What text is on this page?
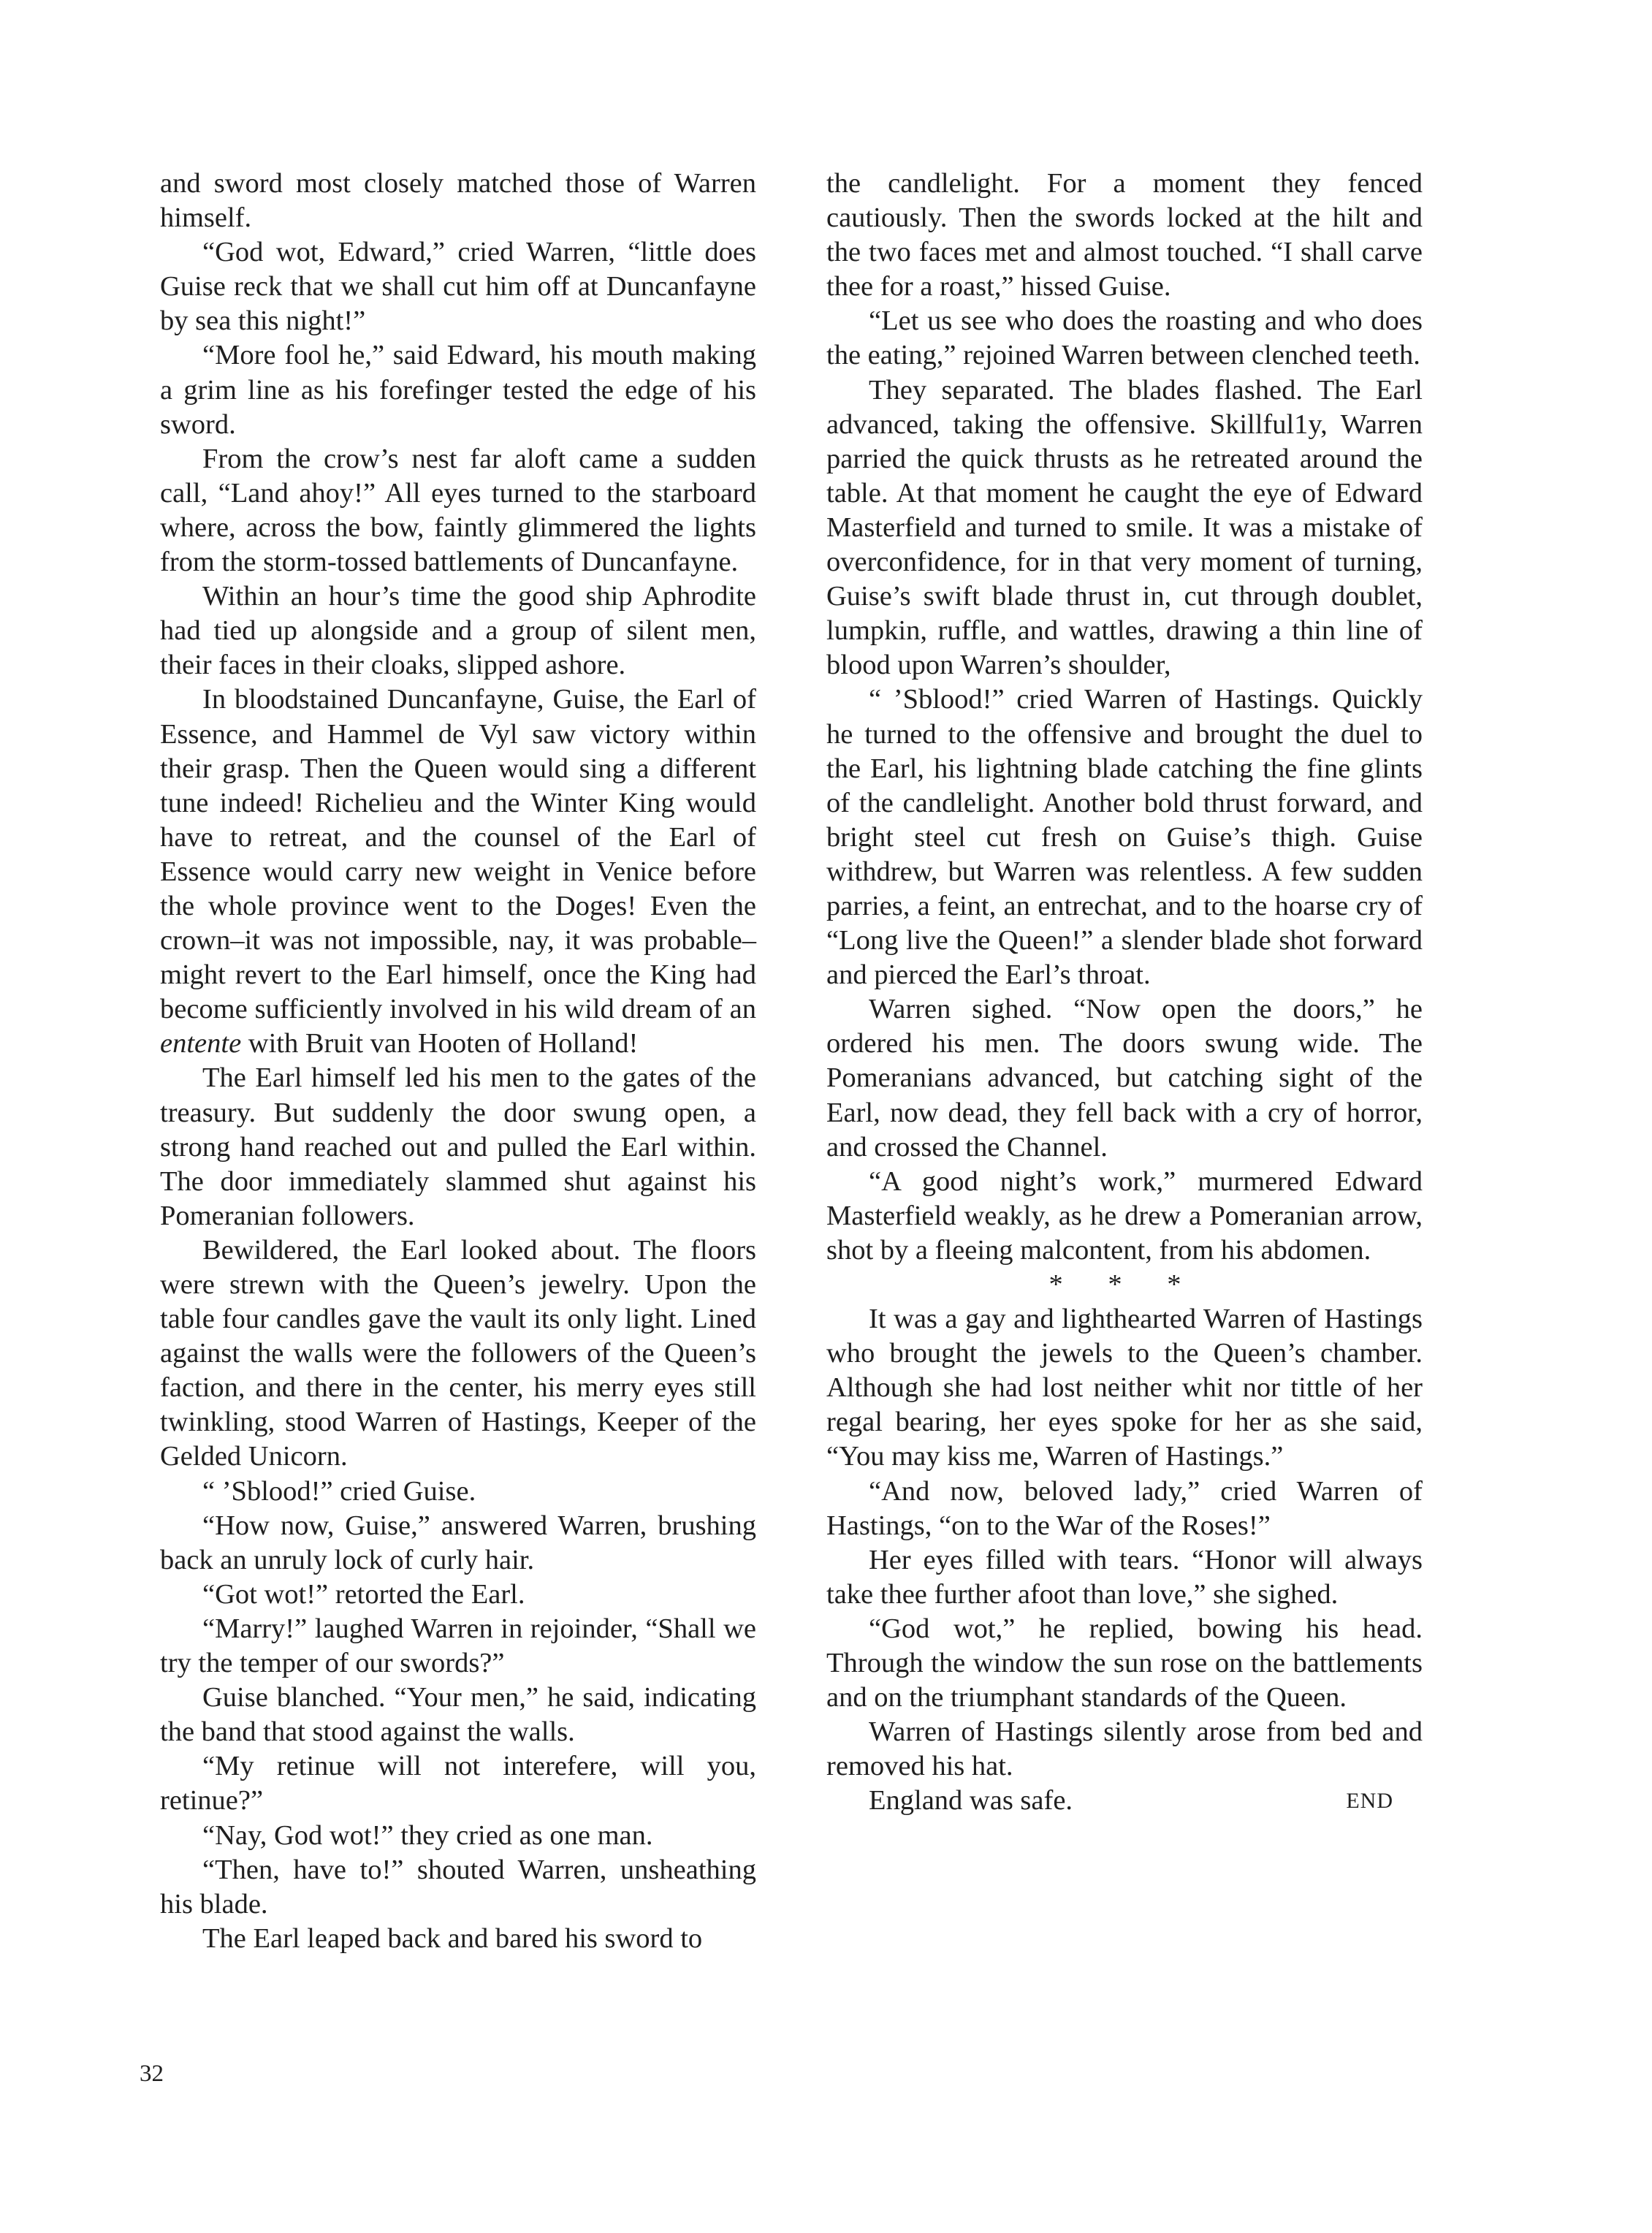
and sword most closely matched those of Warren himself.

“God wot, Edward,” cried Warren, “little does Guise reck that we shall cut him off at Duncanfayne by sea this night!”

“More fool he,” said Edward, his mouth making a grim line as his forefinger tested the edge of his sword.

From the crow’s nest far aloft came a sudden call, “Land ahoy!” All eyes turned to the starboard where, across the bow, faintly glimmered the lights from the storm-tossed battlements of Duncanfayne.

Within an hour’s time the good ship Aphrodite had tied up alongside and a group of silent men, their faces in their cloaks, slipped ashore.

In bloodstained Duncanfayne, Guise, the Earl of Essence, and Hammel de Vyl saw victory within their grasp. Then the Queen would sing a different tune indeed! Richelieu and the Winter King would have to retreat, and the counsel of the Earl of Essence would carry new weight in Venice before the whole province went to the Doges! Even the crown–it was not impossible, nay, it was probable–might revert to the Earl himself, once the King had become sufficiently involved in his wild dream of an entente with Bruit van Hooten of Holland!

The Earl himself led his men to the gates of the treasury. But suddenly the door swung open, a strong hand reached out and pulled the Earl within. The door immediately slammed shut against his Pomeranian followers.

Bewildered, the Earl looked about. The floors were strewn with the Queen’s jewelry. Upon the table four candles gave the vault its only light. Lined against the walls were the followers of the Queen’s faction, and there in the center, his merry eyes still twinkling, stood Warren of Hastings, Keeper of the Gelded Unicorn.

“ ’Sblood!” cried Guise.

“How now, Guise,” answered Warren, brushing back an unruly lock of curly hair.

“Got wot!” retorted the Earl.

“Marry!” laughed Warren in rejoinder, “Shall we try the temper of our swords?”

Guise blanched. “Your men,” he said, indicating the band that stood against the walls.

“My retinue will not interefere, will you, retinue?”

“Nay, God wot!” they cried as one man.

“Then, have to!” shouted Warren, unsheathing his blade.

The Earl leaped back and bared his sword to

the candlelight. For a moment they fenced cautiously. Then the swords locked at the hilt and the two faces met and almost touched. “I shall carve thee for a roast,” hissed Guise.

“Let us see who does the roasting and who does the eating,” rejoined Warren between clenched teeth.

They separated. The blades flashed. The Earl advanced, taking the offensive. Skillful1y, Warren parried the quick thrusts as he retreated around the table. At that moment he caught the eye of Edward Masterfield and turned to smile. It was a mistake of overconfidence, for in that very moment of turning, Guise’s swift blade thrust in, cut through doublet, lumpkin, ruffle, and wattles, drawing a thin line of blood upon Warren’s shoulder,

“ ’Sblood!” cried Warren of Hastings. Quickly he turned to the offensive and brought the duel to the Earl, his lightning blade catching the fine glints of the candlelight. Another bold thrust forward, and bright steel cut fresh on Guise’s thigh. Guise withdrew, but Warren was relentless. A few sudden parries, a feint, an entrechat, and to the hoarse cry of “Long live the Queen!” a slender blade shot forward and pierced the Earl’s throat.

Warren sighed. “Now open the doors,” he ordered his men. The doors swung wide. The Pomeranians advanced, but catching sight of the Earl, now dead, they fell back with a cry of horror, and crossed the Channel.

“A good night’s work,” murmered Edward Masterfield weakly, as he drew a Pomeranian arrow, shot by a fleeing malcontent, from his abdomen.

* * *

It was a gay and lighthearted Warren of Hastings who brought the jewels to the Queen’s chamber. Although she had lost neither whit nor tittle of her regal bearing, her eyes spoke for her as she said, “You may kiss me, Warren of Hastings.”

“And now, beloved lady,” cried Warren of Hastings, “on to the War of the Roses!”

Her eyes filled with tears. “Honor will always take thee further afoot than love,” she sighed.

“God wot,” he replied, bowing his head. Through the window the sun rose on the battlements and on the triumphant standards of the Queen.

Warren of Hastings silently arose from bed and removed his hat.

England was safe.	END

32
